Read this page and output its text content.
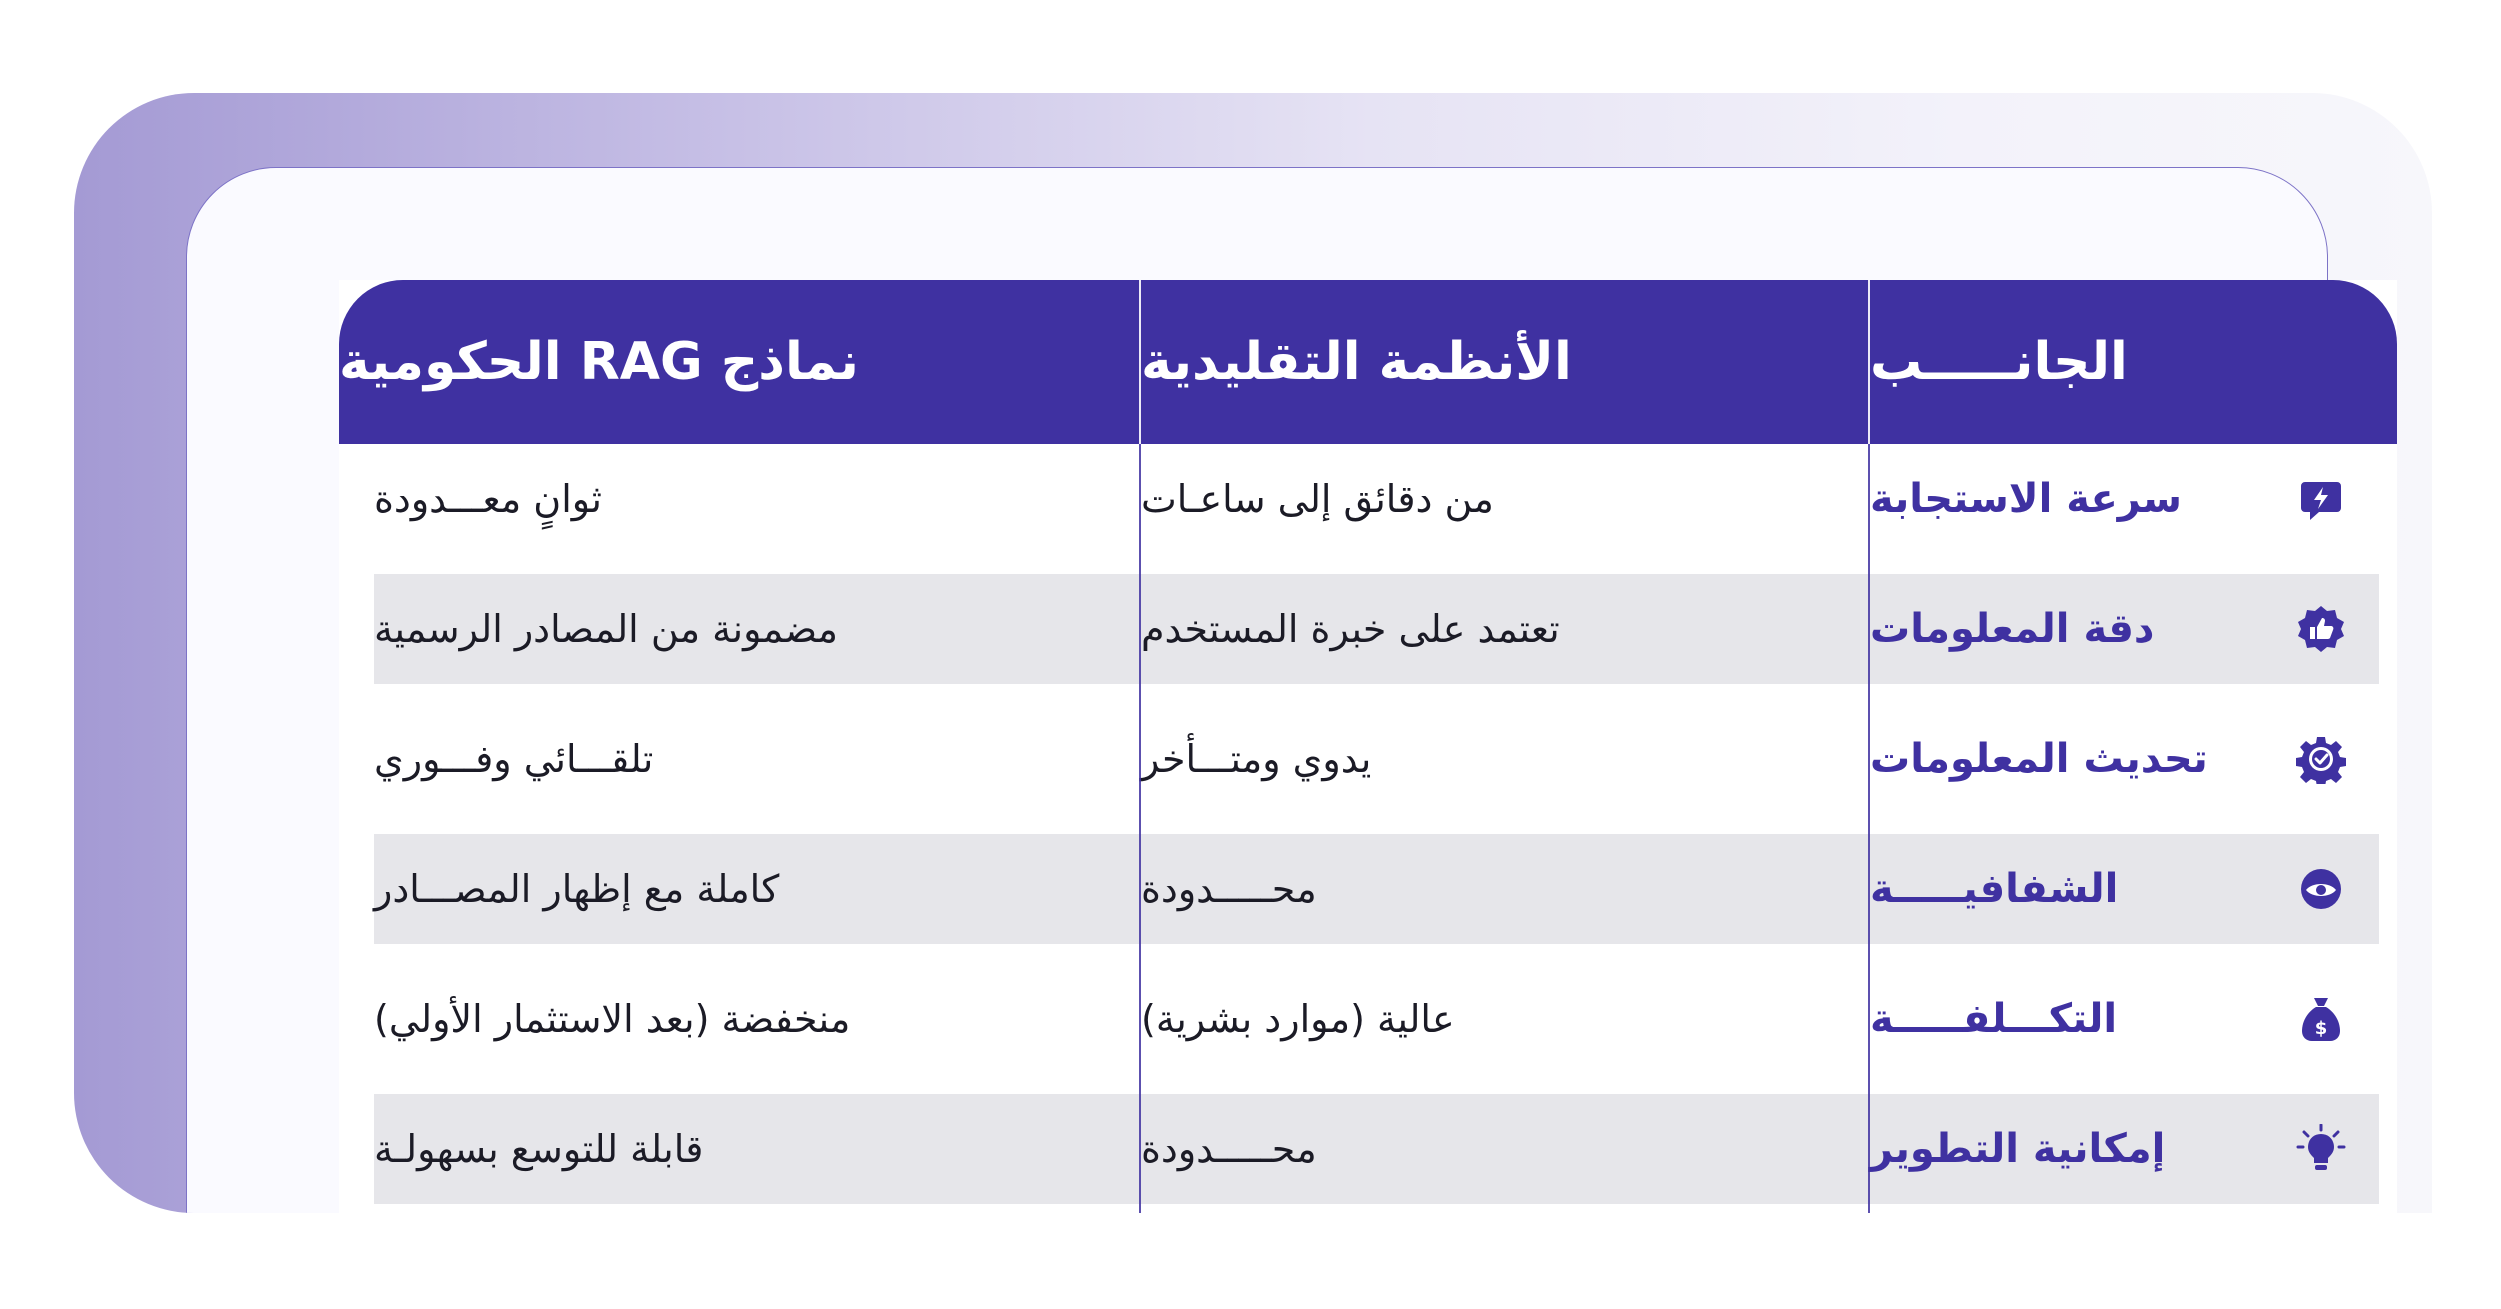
نماذج RAG الحكومية	الأنظمة التقليدية	الجانـــــب
ثوانٍ معـــدودة	من دقائق إلى ساعـات	سرعة الاستجابة
مضمونة من المصادر الرسمية	تعتمد على خبرة المستخدم	دقة المعلومات
تلقـــائي وفـــوري	يدوي ومتـــأخر	تحديث المعلومات
كاملة مع إظهار المصـــادر	محـــــدودة	الشفافيـــــة
منخفضة (بعد الاستثمار الأولي)	عالية (موارد بشرية)	التكـــلفـــــة	$
قابلة للتوسع بسهولـة	محـــــدودة	إمكانية التطوير
